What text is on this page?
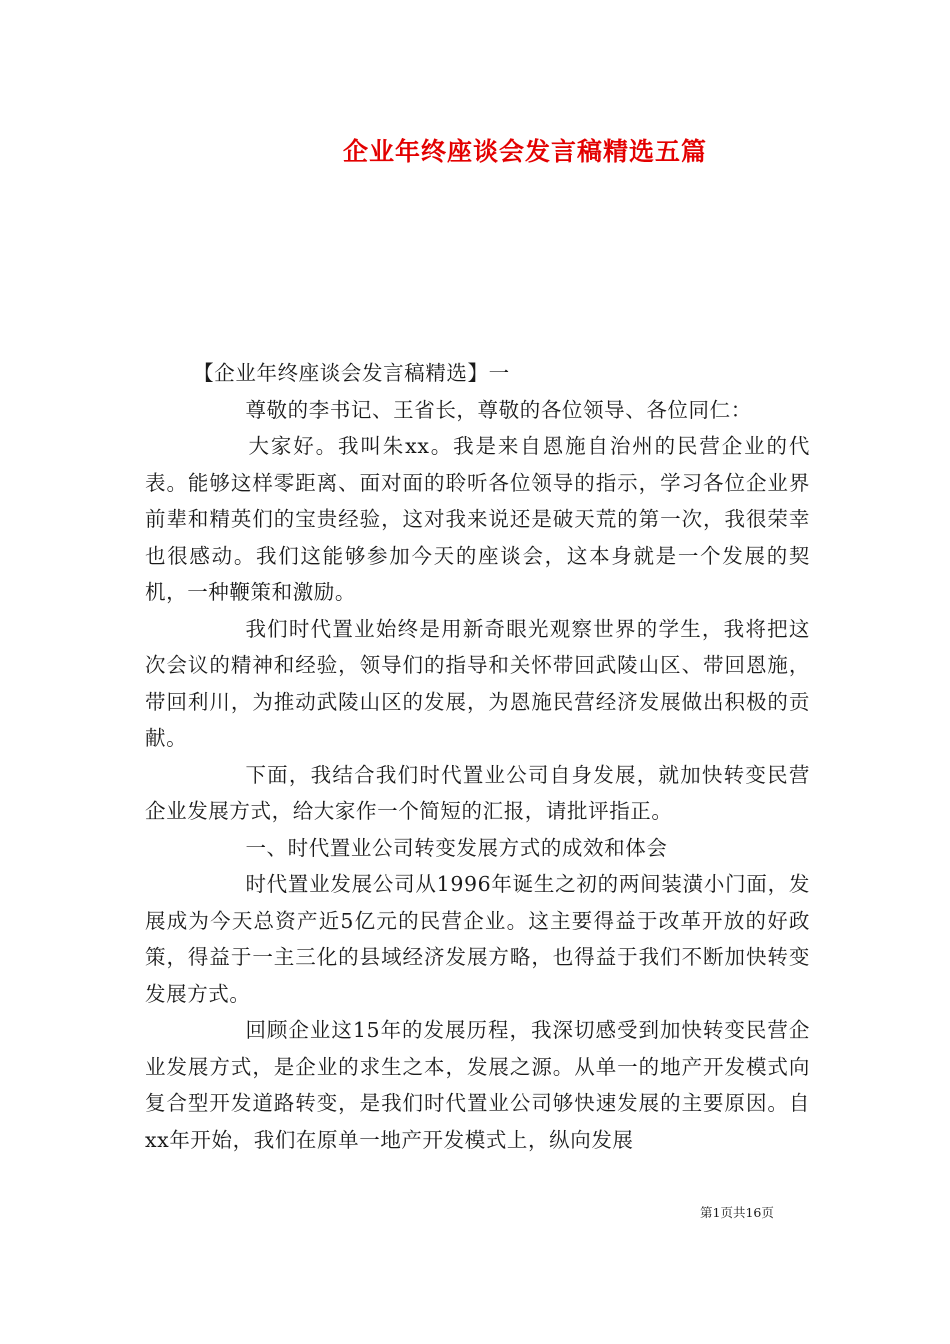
企业年终座谈会发言稿精选五篇

【企业年终座谈会发言稿精选】一

尊敬的李书记、王省长，尊敬的各位领导、各位同仁：

大家好。我叫朱xx。我是来自恩施自治州的民营企业的代表。能够这样零距离、面对面的聆听各位领导的指示，学习各位企业界前辈和精英们的宝贵经验，这对我来说还是破天荒的第一次，我很荣幸也很感动。我们这能够参加今天的座谈会，这本身就是一个发展的契机，一种鞭策和激励。

我们时代置业始终是用新奇眼光观察世界的学生，我将把这次会议的精神和经验，领导们的指导和关怀带回武陵山区、带回恩施，带回利川，为推动武陵山区的发展，为恩施民营经济发展做出积极的贡献。

下面，我结合我们时代置业公司自身发展，就加快转变民营企业发展方式，给大家作一个简短的汇报，请批评指正。

一、时代置业公司转变发展方式的成效和体会

时代置业发展公司从1996年诞生之初的两间装潢小门面，发展成为今天总资产近5亿元的民营企业。这主要得益于改革开放的好政策，得益于一主三化的县域经济发展方略，也得益于我们不断加快转变发展方式。

回顾企业这15年的发展历程，我深切感受到加快转变民营企业发展方式，是企业的求生之本，发展之源。从单一的地产开发模式向复合型开发道路转变，是我们时代置业公司够快速发展的主要原因。自xx年开始，我们在原单一地产开发模式上，纵向发展

第1页共16页
